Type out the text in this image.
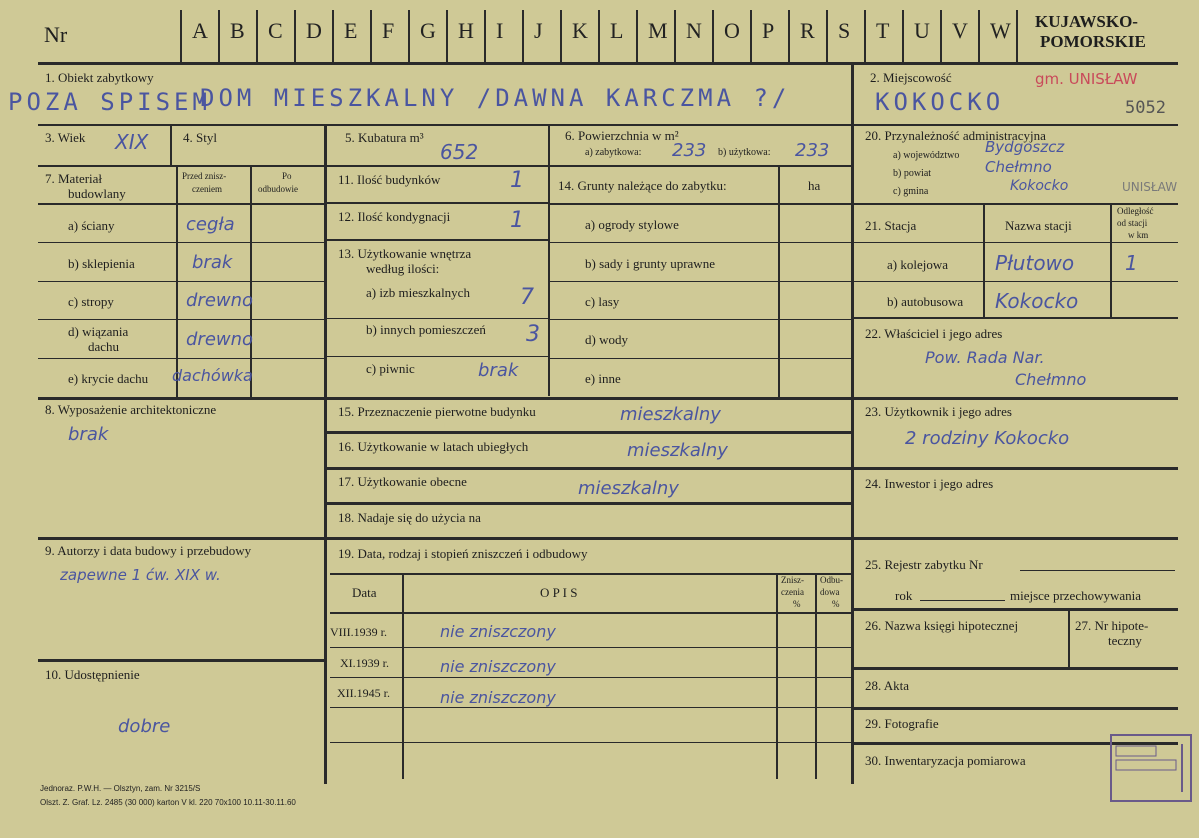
Nr	A B C D E F G H I J K L M N O P R S T U V W KUJAWSKO-
POMORSKIE
1. Obiekt zabytkowy
POZA SPISEM
DOM MIESZKALNY /DAWNA KARCZMA ?/
2. Miejscowość	gm. UNISŁAW
KOKOCKO	5052
3. Wiek XIX	4. Styl	5. Kubatura m³
652
6. Powierzchnia w m²
a) zabytkowa: 233 b) użytkowa: 233
20. Przynależność administracyjna
a) województwo Bydgoszcz
b) powiat	Chełmno
c) gmina	Kokocko	UNISŁAW
7. Materiał
budowlany
Przed znisz-
czeniem
Po
odbudowie
a) ściany	cegła
b) sklepienia	brak
c) stropy	drewno
d) wiązania
dachu	drewno
e) krycie dachu dachówka
11. Ilość budynków	1
12. Ilość kondygnacji	1
13. Użytkowanie wnętrza
według ilości:
a) izb mieszkalnych 7
b) innych pomieszczeń 3
c) piwnic	brak
14. Grunty należące do zabytku:	ha
a) ogrody stylowe
b) sady i grunty uprawne
c) lasy
d) wody
e) inne
21. Stacja	Nazwa stacji
Odległość
od stacji
w km
a) kolejowa Płutowo	1
b) autobusowa Kokocko
22. Właściciel i jego adres
Pow. Rada Nar.
Chełmno
8. Wyposażenie architektoniczne
brak
15. Przeznaczenie pierwotne budynku	mieszkalny
16. Użytkowanie w latach ubiegłych	mieszkalny
17. Użytkowanie obecne	mieszkalny
18. Nadaje się do użycia na
23. Użytkownik i jego adres
2 rodziny Kokocko
24. Inwestor i jego adres
9. Autorzy i data budowy i przebudowy
zapewne 1 ćw. XIX w.
10. Udostępnienie
dobre
19. Data, rodzaj i stopień zniszczeń i odbudowy
Data	O P I S
Znisz-
czenia
%
Odbu-
dowa
%
VIII.1939 r.	nie zniszczony
XI.1939 r.	nie zniszczony
XII.1945 r.	nie zniszczony
25. Rejestr zabytku Nr
rok	miejsce przechowywania
26. Nazwa księgi hipotecznej	27. Nr hipote-
teczny
28. Akta
29. Fotografie
30. Inwentaryzacja pomiarowa
Jednoraz. P.W.H. — Olsztyn, zam. Nr 3215/S
Olszt. Z. Graf. Lz. 2485 (30 000) karton V kl. 220 70x100 10.11-30.11.60
